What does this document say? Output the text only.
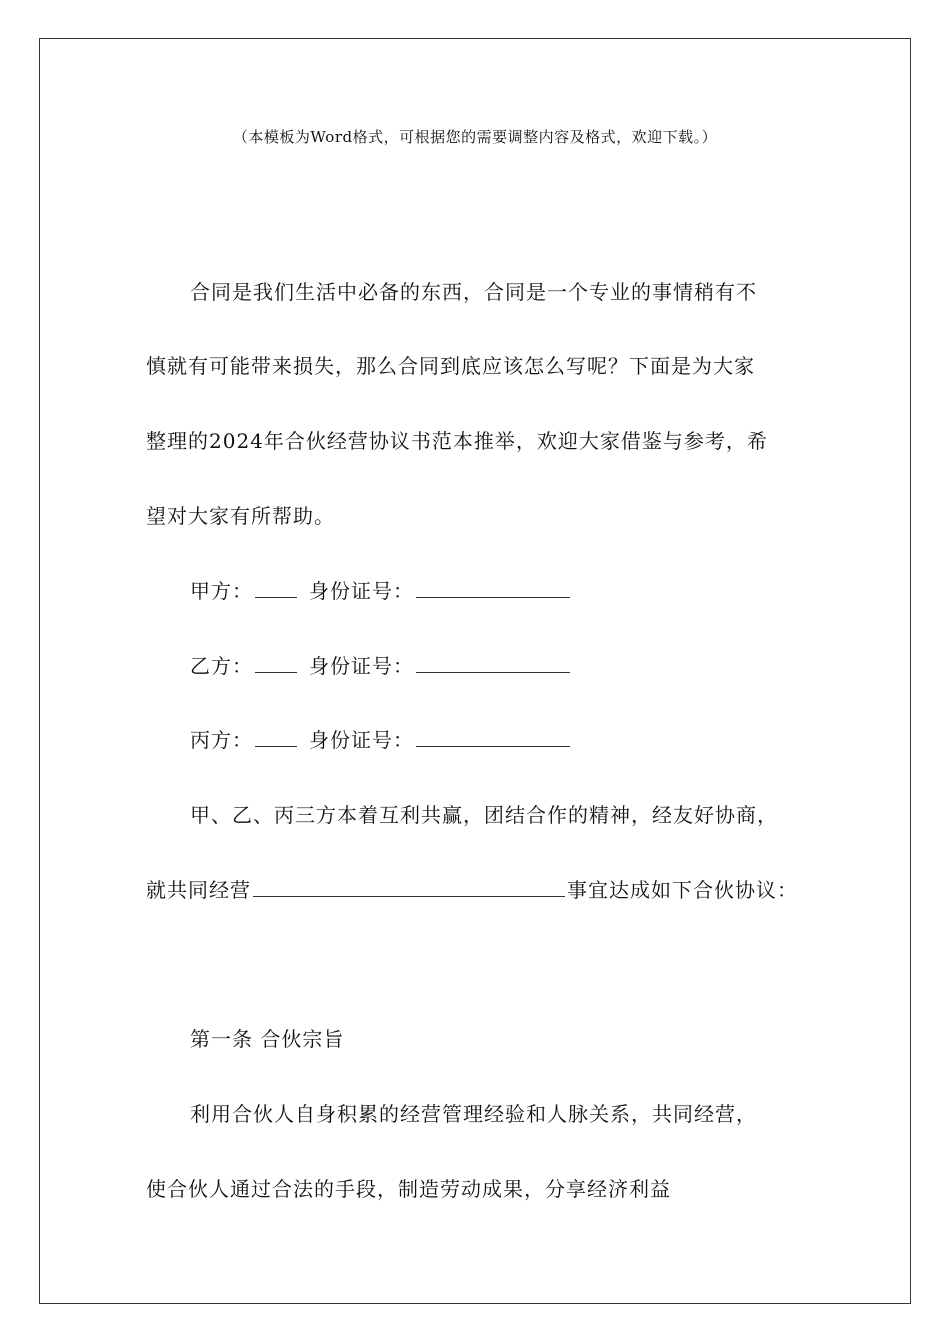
（本模板为Word格式，可根据您的需要调整内容及格式，欢迎下载。）
合同是我们生活中必备的东西，合同是一个专业的事情稍有不
慎就有可能带来损失，那么合同到底应该怎么写呢？下面是为大家
整理的2024年合伙经营协议书范本推举，欢迎大家借鉴与参考，希
望对大家有所帮助。
甲方：	身份证号：
乙方：	身份证号：
丙方：	身份证号：
甲、乙、丙三方本着互利共赢，团结合作的精神，经友好协商，
就共同经营	事宜达成如下合伙协议：
第一条 合伙宗旨
利用合伙人自身积累的经营管理经验和人脉关系，共同经营，
使合伙人通过合法的手段，制造劳动成果，分享经济利益
